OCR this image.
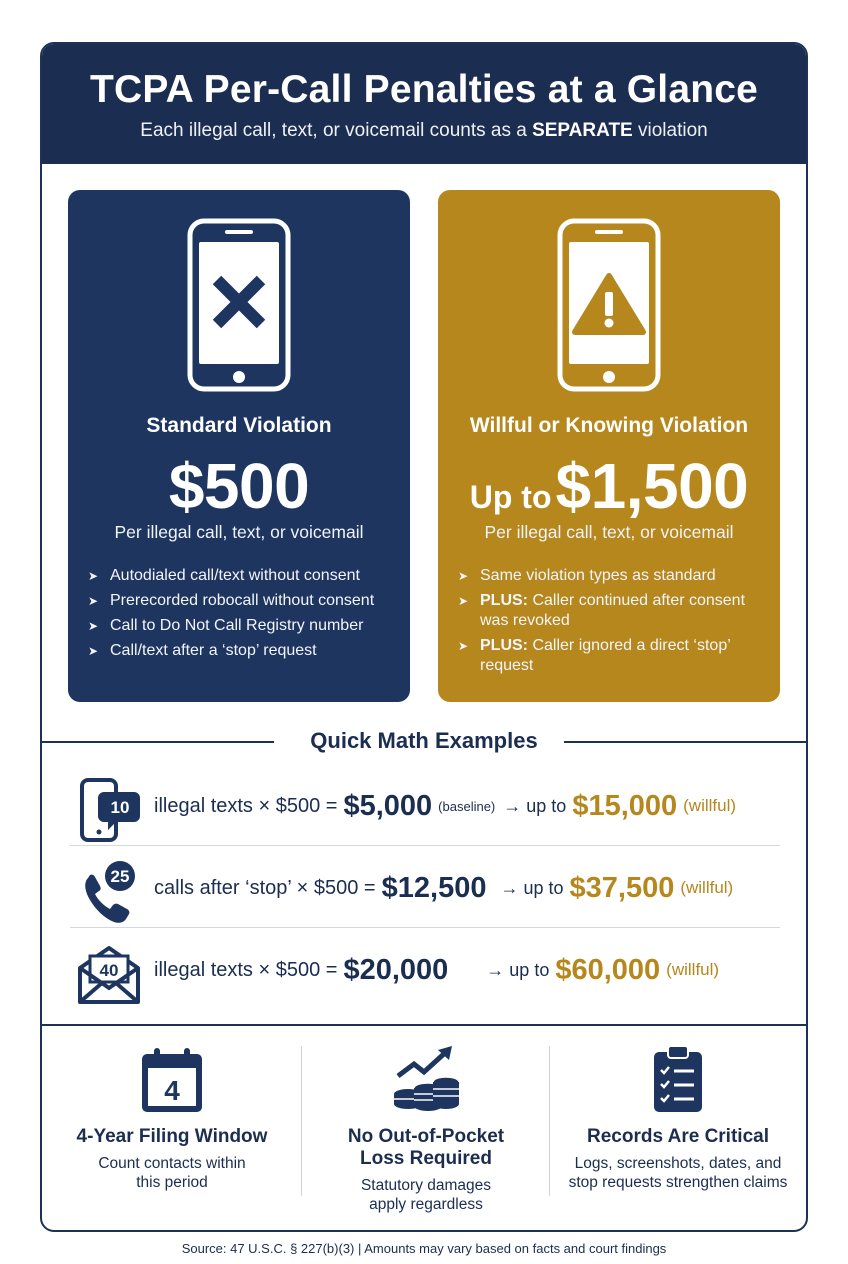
TCPA Per-Call Penalties at a Glance

Each illegal call, text, or voicemail counts as a SEPARATE violation

Standard Violation
$500
Per illegal call, text, or voicemail
➤ Autodialed call/text without consent
➤ Prerecorded robocall without consent
➤ Call to Do Not Call Registry number
➤ Call/text after a ‘stop’ request
Willful or Knowing Violation
Up to$1,500
Per illegal call, text, or voicemail
➤ Same violation types as standard
➤ PLUS: Caller continued after consent was revoked
➤ PLUS: Caller ignored a direct ‘stop’ request
Quick Math Examples
10 illegal texts × $500 = $5,000 (baseline) → up to $15,000 (willful)
25 calls after ‘stop’ × $500 = $12,500 → up to $37,500 (willful)
40 illegal texts × $500 = $20,000 → up to $60,000 (willful)
4
4-Year Filing Window

Count contacts within
this period

No Out-of-Pocket
Loss Required

Statutory damages
apply regardless

Records Are Critical

Logs, screenshots, dates, and
stop requests strengthen claims

Source: 47 U.S.C. § 227(b)(3) | Amounts may vary based on facts and court findings
